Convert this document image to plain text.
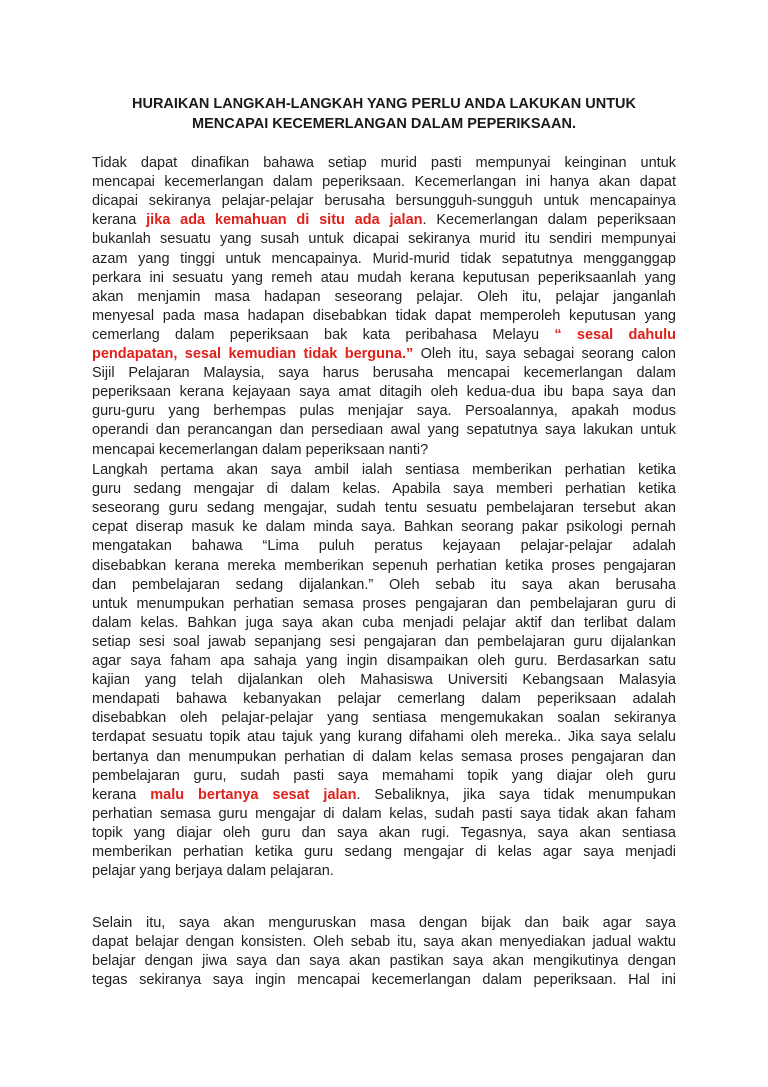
HURAIKAN LANGKAH-LANGKAH YANG PERLU ANDA LAKUKAN UNTUK
MENCAPAI KECEMERLANGAN DALAM PEPERIKSAAN.
Tidak dapat dinafikan bahawa setiap murid pasti mempunyai keinginan untuk
mencapai kecemerlangan dalam peperiksaan. Kecemerlangan ini hanya akan dapat
dicapai sekiranya pelajar-pelajar berusaha bersungguh-sungguh untuk mencapainya
kerana jika ada kemahuan di situ ada jalan. Kecemerlangan dalam peperiksaan
bukanlah sesuatu yang susah untuk dicapai sekiranya murid itu sendiri mempunyai
azam yang tinggi untuk mencapainya. Murid-murid tidak sepatutnya mengganggap
perkara ini sesuatu yang remeh atau mudah kerana keputusan peperiksaanlah yang
akan menjamin masa hadapan seseorang pelajar. Oleh itu, pelajar janganlah
menyesal pada masa hadapan disebabkan tidak dapat memperoleh keputusan yang
cemerlang dalam peperiksaan bak kata peribahasa Melayu “ sesal dahulu
pendapatan, sesal kemudian tidak berguna.” Oleh itu, saya sebagai seorang calon
Sijil Pelajaran Malaysia, saya harus berusaha mencapai kecemerlangan dalam
peperiksaan kerana kejayaan saya amat ditagih oleh kedua-dua ibu bapa saya dan
guru-guru yang berhempas pulas menjajar saya. Persoalannya, apakah modus
operandi dan perancangan dan persediaan awal yang sepatutnya saya lakukan untuk
mencapai kecemerlangan dalam peperiksaan nanti?
Langkah pertama akan saya ambil ialah sentiasa memberikan perhatian ketika
guru sedang mengajar di dalam kelas. Apabila saya memberi perhatian ketika
seseorang guru sedang mengajar, sudah tentu sesuatu pembelajaran tersebut akan
cepat diserap masuk ke dalam minda saya. Bahkan seorang pakar psikologi pernah
mengatakan bahawa “Lima puluh peratus kejayaan pelajar-pelajar adalah
disebabkan kerana mereka memberikan sepenuh perhatian ketika proses pengajaran
dan pembelajaran sedang dijalankan.” Oleh sebab itu saya akan berusaha
untuk menumpukan perhatian semasa proses pengajaran dan pembelajaran guru di
dalam kelas. Bahkan juga saya akan cuba menjadi pelajar aktif dan terlibat dalam
setiap sesi soal jawab sepanjang sesi pengajaran dan pembelajaran guru dijalankan
agar saya faham apa sahaja yang ingin disampaikan oleh guru. Berdasarkan satu
kajian yang telah dijalankan oleh Mahasiswa Universiti Kebangsaan Malasyia
mendapati bahawa kebanyakan pelajar cemerlang dalam peperiksaan adalah
disebabkan oleh pelajar-pelajar yang sentiasa mengemukakan soalan sekiranya
terdapat sesuatu topik atau tajuk yang kurang difahami oleh mereka.. Jika saya selalu
bertanya dan menumpukan perhatian di dalam kelas semasa proses pengajaran dan
pembelajaran guru, sudah pasti saya memahami topik yang diajar oleh guru
kerana malu bertanya sesat jalan. Sebaliknya, jika saya tidak menumpukan
perhatian semasa guru mengajar di dalam kelas, sudah pasti saya tidak akan faham
topik yang diajar oleh guru dan saya akan rugi. Tegasnya, saya akan sentiasa
memberikan perhatian ketika guru sedang mengajar di kelas agar saya menjadi
pelajar yang berjaya dalam pelajaran.
Selain itu, saya akan menguruskan masa dengan bijak dan baik agar saya
dapat belajar dengan konsisten. Oleh sebab itu, saya akan menyediakan jadual waktu
belajar dengan jiwa saya dan saya akan pastikan saya akan mengikutinya dengan
tegas sekiranya saya ingin mencapai kecemerlangan dalam peperiksaan. Hal ini
